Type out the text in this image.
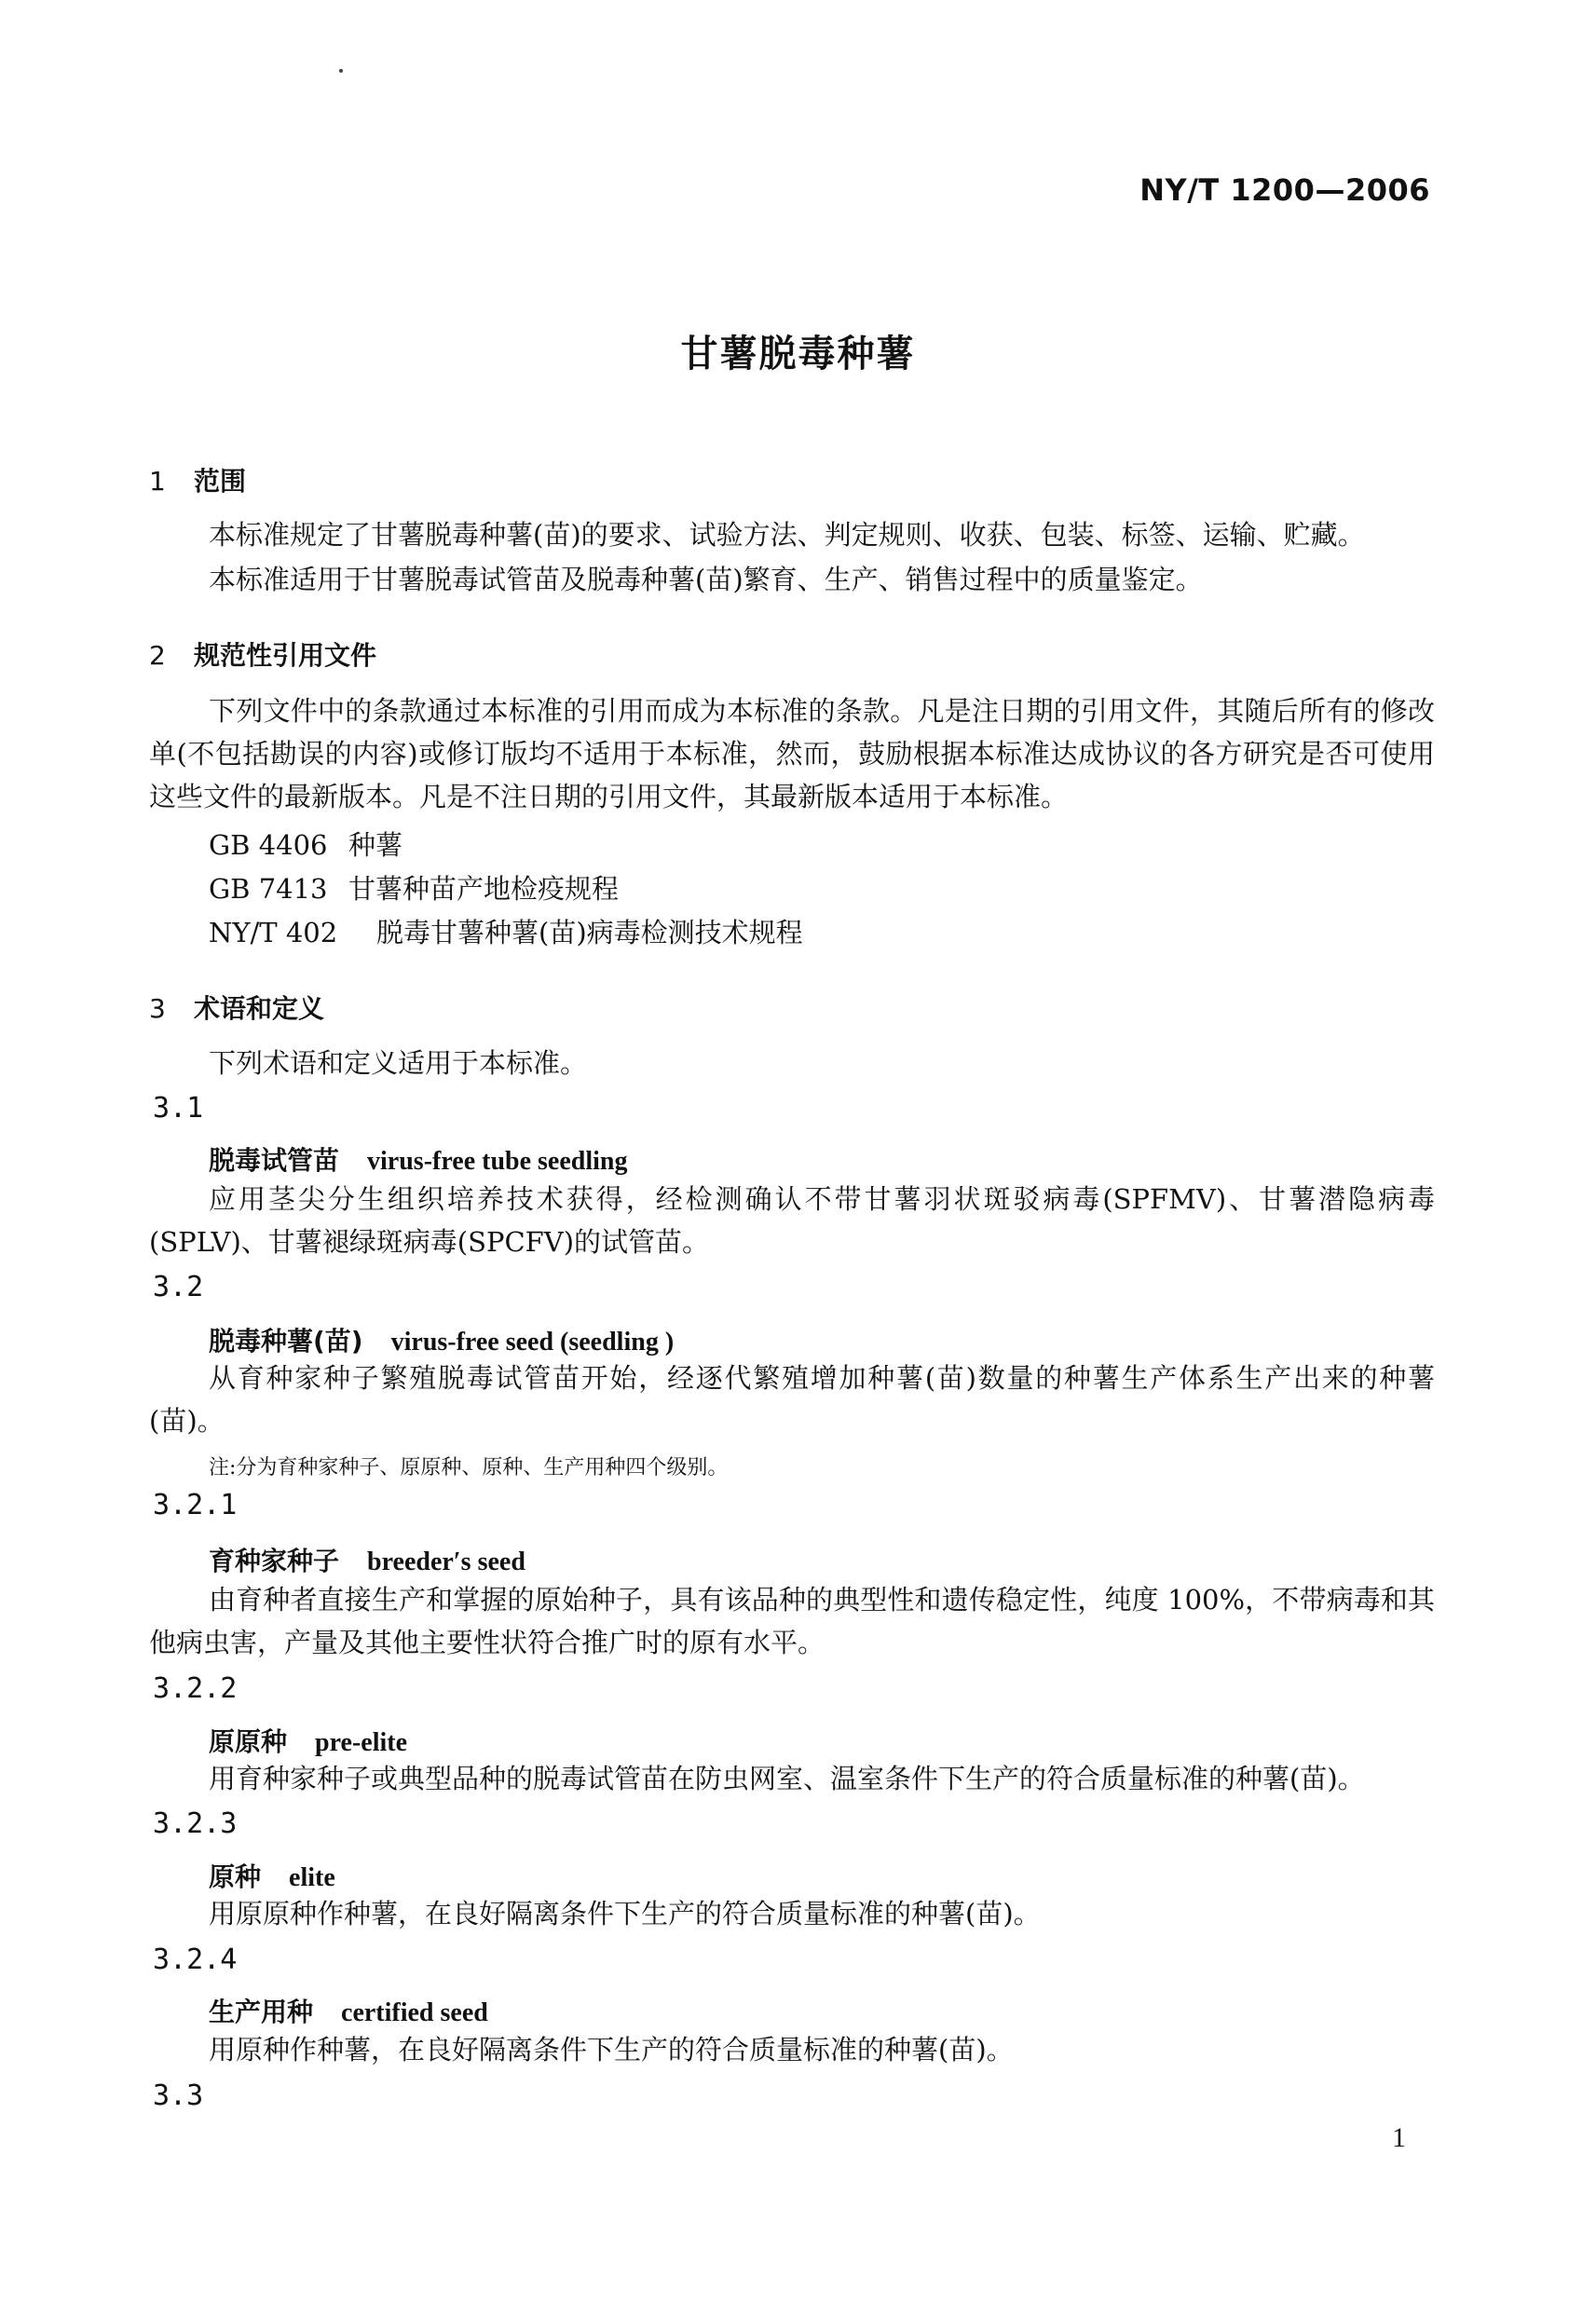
NY/T 1200—2006
甘薯脱毒种薯
1 范围
本标准规定了甘薯脱毒种薯(苗)的要求、试验方法、判定规则、收获、包装、标签、运输、贮藏。
本标准适用于甘薯脱毒试管苗及脱毒种薯(苗)繁育、生产、销售过程中的质量鉴定。
2 规范性引用文件
下列文件中的条款通过本标准的引用而成为本标准的条款。凡是注日期的引用文件，其随后所有的修改单(不包括勘误的内容)或修订版均不适用于本标准，然而，鼓励根据本标准达成协议的各方研究是否可使用这些文件的最新版本。凡是不注日期的引用文件，其最新版本适用于本标准。
GB 4406 种薯
GB 7413 甘薯种苗产地检疫规程
NY/T 402 脱毒甘薯种薯(苗)病毒检测技术规程
3 术语和定义
下列术语和定义适用于本标准。
3.1
脱毒试管苗 virus-free tube seedling
应用茎尖分生组织培养技术获得，经检测确认不带甘薯羽状斑驳病毒(SPFMV)、甘薯潜隐病毒(SPLV)、甘薯褪绿斑病毒(SPCFV)的试管苗。
3.2
脱毒种薯(苗) virus-free seed (seedling )
从育种家种子繁殖脱毒试管苗开始，经逐代繁殖增加种薯(苗)数量的种薯生产体系生产出来的种薯(苗)。
注:分为育种家种子、原原种、原种、生产用种四个级别。
3.2.1
育种家种子 breeder′s seed
由育种者直接生产和掌握的原始种子，具有该品种的典型性和遗传稳定性，纯度 100%，不带病毒和其他病虫害，产量及其他主要性状符合推广时的原有水平。
3.2.2
原原种 pre-elite
用育种家种子或典型品种的脱毒试管苗在防虫网室、温室条件下生产的符合质量标准的种薯(苗)。
3.2.3
原种 elite
用原原种作种薯，在良好隔离条件下生产的符合质量标准的种薯(苗)。
3.2.4
生产用种 certified seed
用原种作种薯，在良好隔离条件下生产的符合质量标准的种薯(苗)。
3.3
1
